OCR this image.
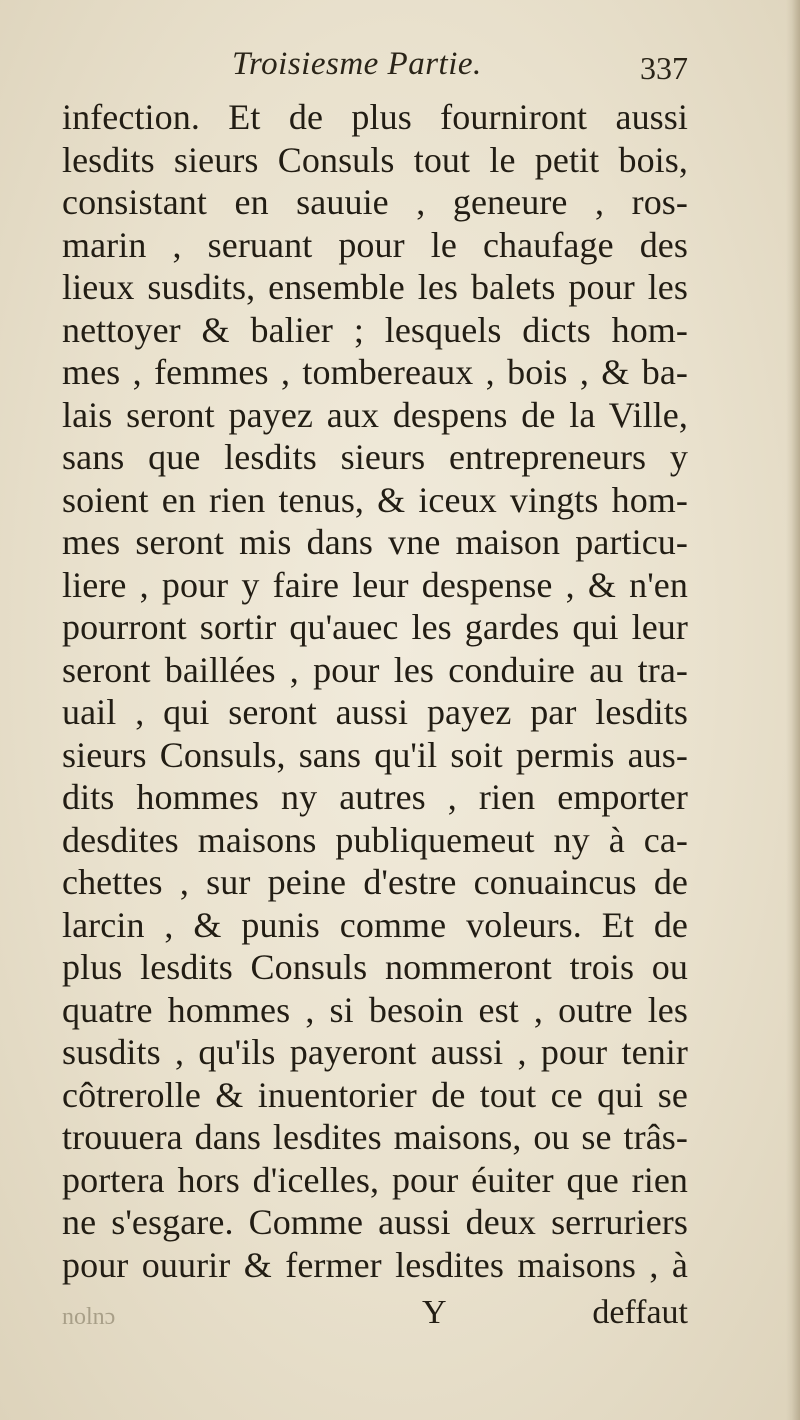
Troisiesme Partie.	337
infection. Et de plus fourniront aussi
lesdits sieurs Consuls tout le petit bois,
consistant en sauuie , geneure , ros-
marin , seruant pour le chaufage des
lieux susdits, ensemble les balets pour les
nettoyer & balier ; lesquels dicts hom-
mes , femmes , tombereaux , bois , & ba-
lais seront payez aux despens de la Ville,
sans que lesdits sieurs entrepreneurs y
soient en rien tenus, & iceux vingts hom-
mes seront mis dans vne maison particu-
liere , pour y faire leur despense , & n'en
pourront sortir qu'auec les gardes qui leur
seront baillées , pour les conduire au tra-
uail , qui seront aussi payez par lesdits
sieurs Consuls, sans qu'il soit permis aus-
dits hommes ny autres , rien emporter
desdites maisons publiquemeut ny à ca-
chettes , sur peine d'estre conuaincus de
larcin , & punis comme voleurs. Et de
plus lesdits Consuls nommeront trois ou
quatre hommes , si besoin est , outre les
susdits , qu'ils payeront aussi , pour tenir
côtrerolle & inuentorier de tout ce qui se
trouuera dans lesdites maisons, ou se trâs-
portera hors d'icelles, pour éuiter que rien
ne s'esgare. Comme aussi deux serruriers
pour ouurir & fermer lesdites maisons , à
nolnɔ	Y	deffaut
